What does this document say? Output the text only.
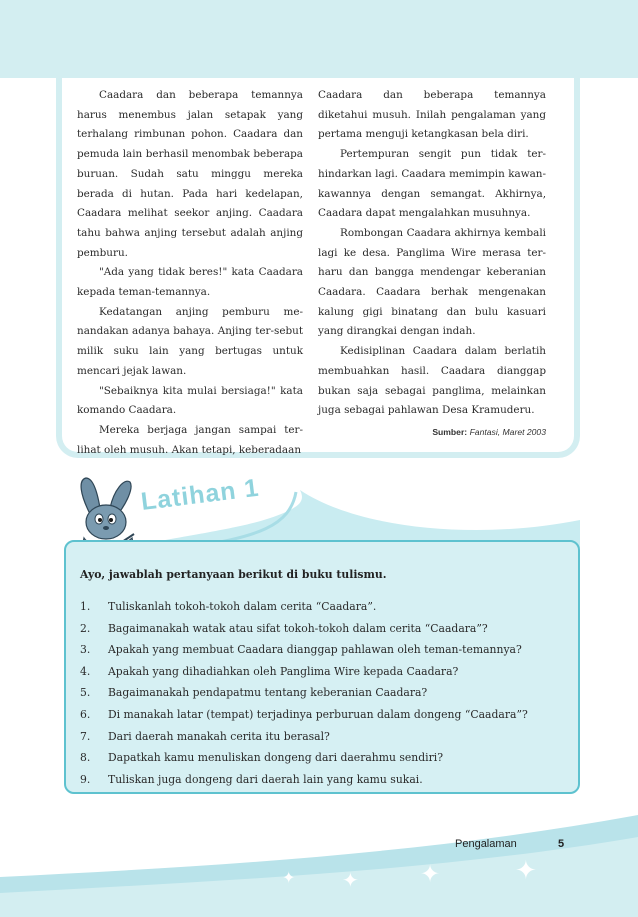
Caadara dan beberapa temannya harus menembus jalan setapak yang terhalang rimbunan pohon. Caadara dan pemuda lain berhasil menombak beberapa buruan. Sudah satu minggu mereka berada di hutan. Pada hari kedelapan, Caadara melihat seekor anjing. Caadara tahu bahwa anjing tersebut adalah anjing pemburu.

"Ada yang tidak beres!" kata Caadara kepada teman-temannya.

Kedatangan anjing pemburu me-nandakan adanya bahaya. Anjing ter-sebut milik suku lain yang bertugas untuk mencari jejak lawan.

"Sebaiknya kita mulai bersiaga!" kata komando Caadara.

Mereka berjaga jangan sampai ter-lihat oleh musuh. Akan tetapi, keberadaan

Caadara dan beberapa temannya diketahui musuh. Inilah pengalaman yang pertama menguji ketangkasan bela diri.

Pertempuran sengit pun tidak ter-hindarkan lagi. Caadara memimpin kawan-kawannya dengan semangat. Akhirnya, Caadara dapat mengalahkan musuhnya.

Rombongan Caadara akhirnya kembali lagi ke desa. Panglima Wire merasa ter-haru dan bangga mendengar keberanian Caadara. Caadara berhak mengenakan kalung gigi binatang dan bulu kasuari yang dirangkai dengan indah.

Kedisiplinan Caadara dalam berlatih membuahkan hasil. Caadara dianggap bukan saja sebagai panglima, melainkan juga sebagai pahlawan Desa Kramuderu.

Sumber: Fantasi, Maret 2003
Latihan 1
Ayo, jawablah pertanyaan berikut di buku tulismu.
1.	Tuliskanlah tokoh-tokoh dalam cerita “Caadara”.
2.	Bagaimanakah watak atau sifat tokoh-tokoh dalam cerita “Caadara”?
3.	Apakah yang membuat Caadara dianggap pahlawan oleh teman-temannya?
4.	Apakah yang dihadiahkan oleh Panglima Wire kepada Caadara?
5.	Bagaimanakah pendapatmu tentang keberanian Caadara?
6.	Di manakah latar (tempat) terjadinya perburuan dalam dongeng “Caadara”?
7.	Dari daerah manakah cerita itu berasal?
8.	Dapatkah kamu menuliskan dongeng dari daerahmu sendiri?
9.	Tuliskan juga dongeng dari daerah lain yang kamu sukai.
✦ ✦	✦	✦
Pengalaman	5
